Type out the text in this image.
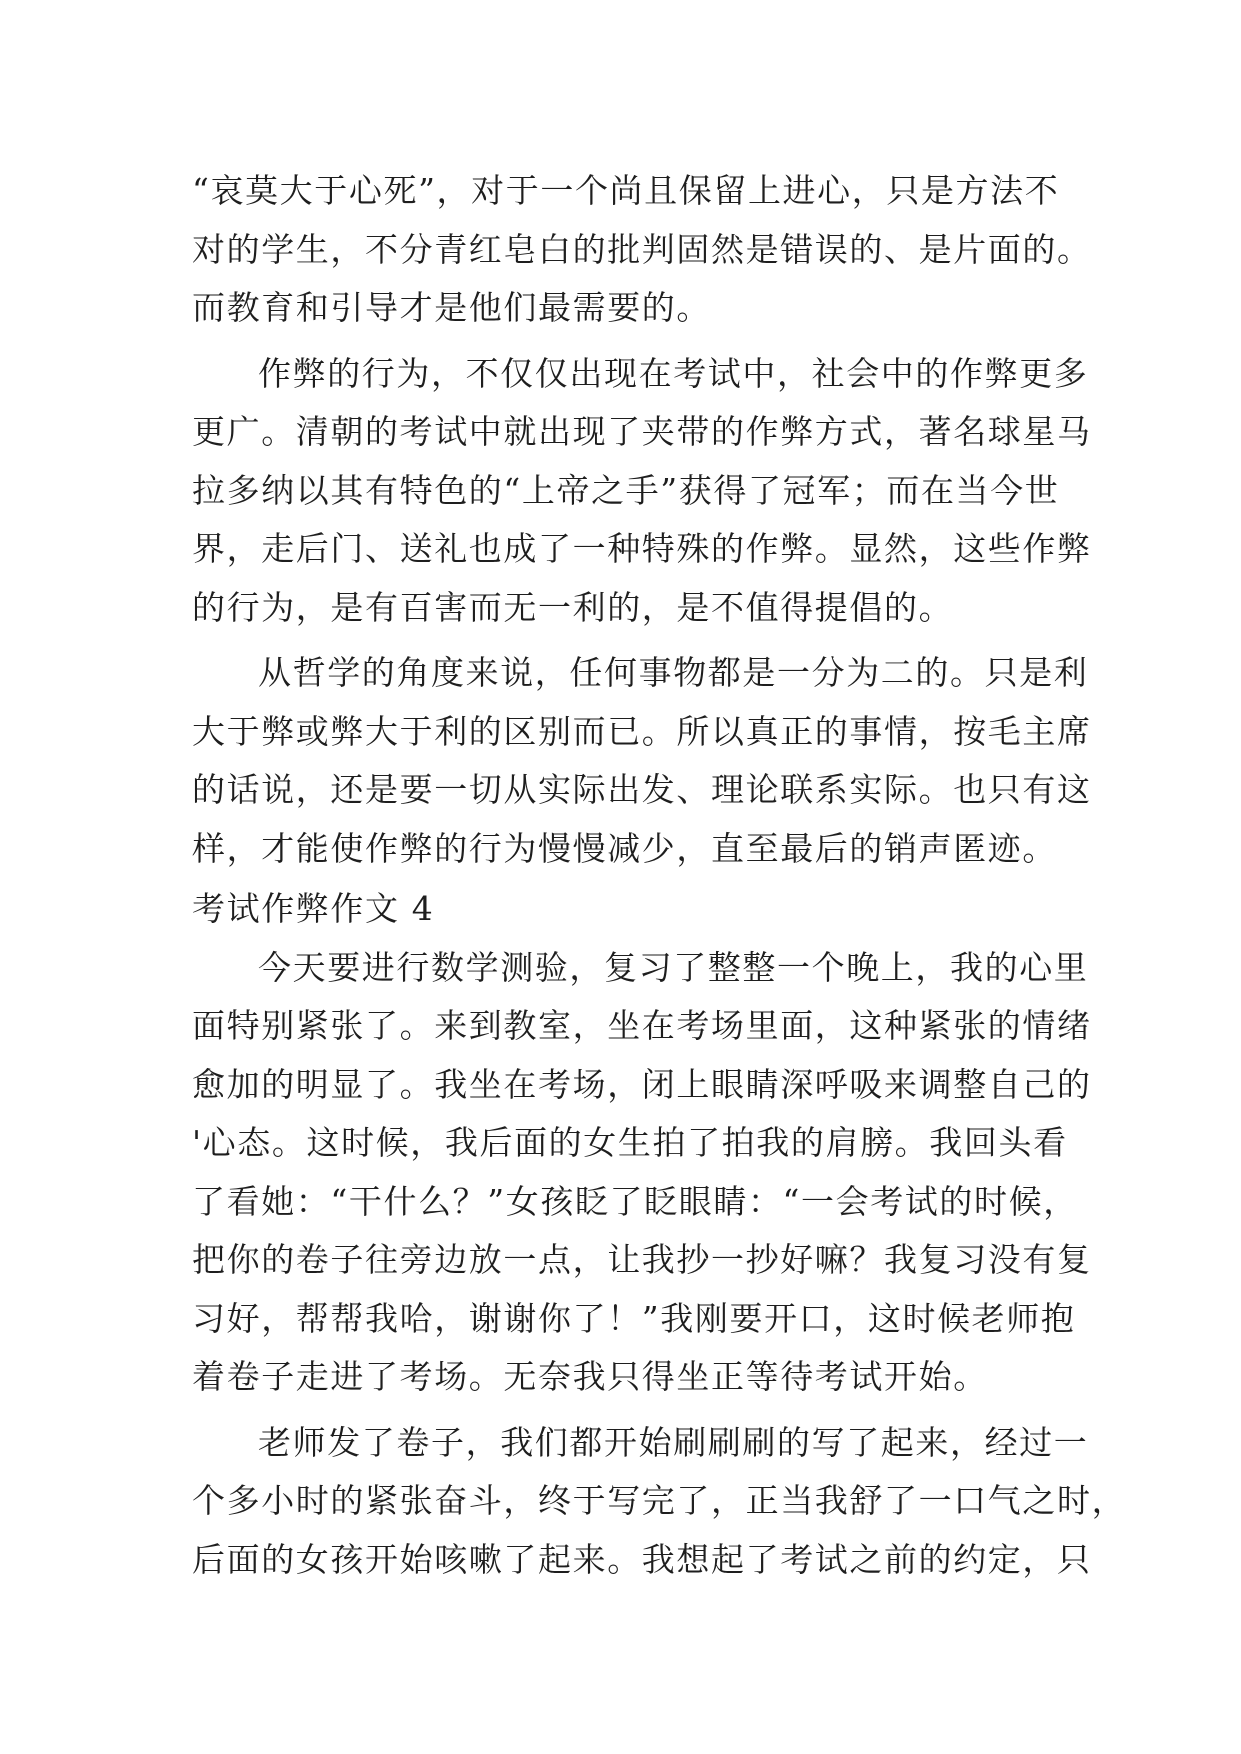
“哀莫大于心死”，对于一个尚且保留上进心，只是方法不
对的学生，不分青红皂白的批判固然是错误的、是片面的。
而教育和引导才是他们最需要的。
作弊的行为，不仅仅出现在考试中，社会中的作弊更多
更广。清朝的考试中就出现了夹带的作弊方式，著名球星马
拉多纳以其有特色的“上帝之手”获得了冠军；而在当今世
界，走后门、送礼也成了一种特殊的作弊。显然，这些作弊
的行为，是有百害而无一利的，是不值得提倡的。
从哲学的角度来说，任何事物都是一分为二的。只是利
大于弊或弊大于利的区别而已。所以真正的事情，按毛主席
的话说，还是要一切从实际出发、理论联系实际。也只有这
样，才能使作弊的行为慢慢减少，直至最后的销声匿迹。
考试作弊作文 4
今天要进行数学测验，复习了整整一个晚上，我的心里
面特别紧张了。来到教室，坐在考场里面，这种紧张的情绪
愈加的明显了。我坐在考场，闭上眼睛深呼吸来调整自己的
'心态。这时候，我后面的女生拍了拍我的肩膀。我回头看
了看她：“干什么？”女孩眨了眨眼睛：“一会考试的时候，
把你的卷子往旁边放一点，让我抄一抄好嘛？我复习没有复
习好，帮帮我哈，谢谢你了！”我刚要开口，这时候老师抱
着卷子走进了考场。无奈我只得坐正等待考试开始。
老师发了卷子，我们都开始刷刷刷的写了起来，经过一
个多小时的紧张奋斗，终于写完了，正当我舒了一口气之时，
后面的女孩开始咳嗽了起来。我想起了考试之前的约定，只
